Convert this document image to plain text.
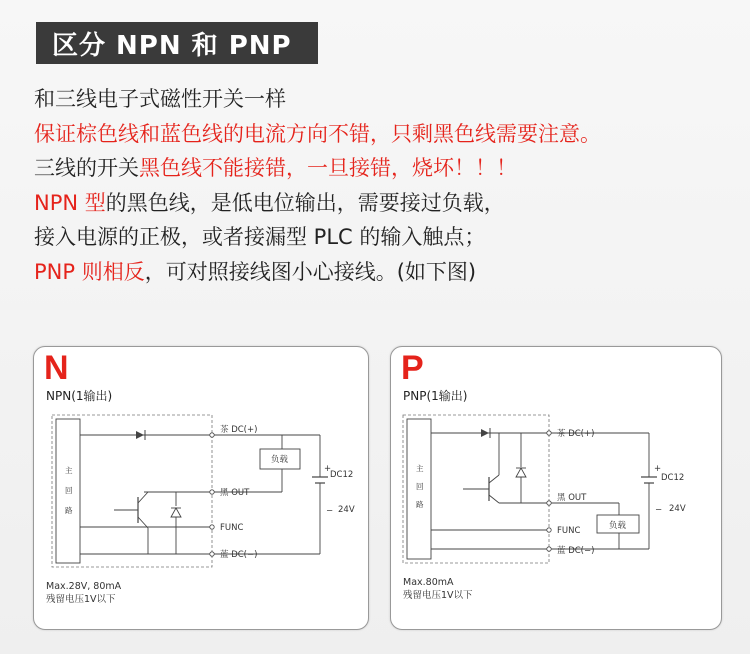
区分 NPN 和 PNP
和三线电子式磁性开关一样
保证棕色线和蓝色线的电流方向不错，只剩黑色线需要注意。
三线的开关黑色线不能接错，一旦接错，烧坏！！！
NPN 型的黑色线，是低电位输出，需要接过负载，
接入电源的正极，或者接漏型 PLC 的输入触点；
PNP 则相反，可对照接线图小心接线。(如下图)
茶 DC(+)
黑 OUT
FUNC
蓝 DC(−)
负载
DC12
24V
+
−
主
回
路
N
NPN(1输出)
Max.28V, 80mA
残留电压1V以下
茶 DC(+)
黑 OUT
FUNC
蓝 DC(−)
负载
DC12
24V
+
−
主
回
路
P
PNP(1输出)
Max.80mA
残留电压1V以下
